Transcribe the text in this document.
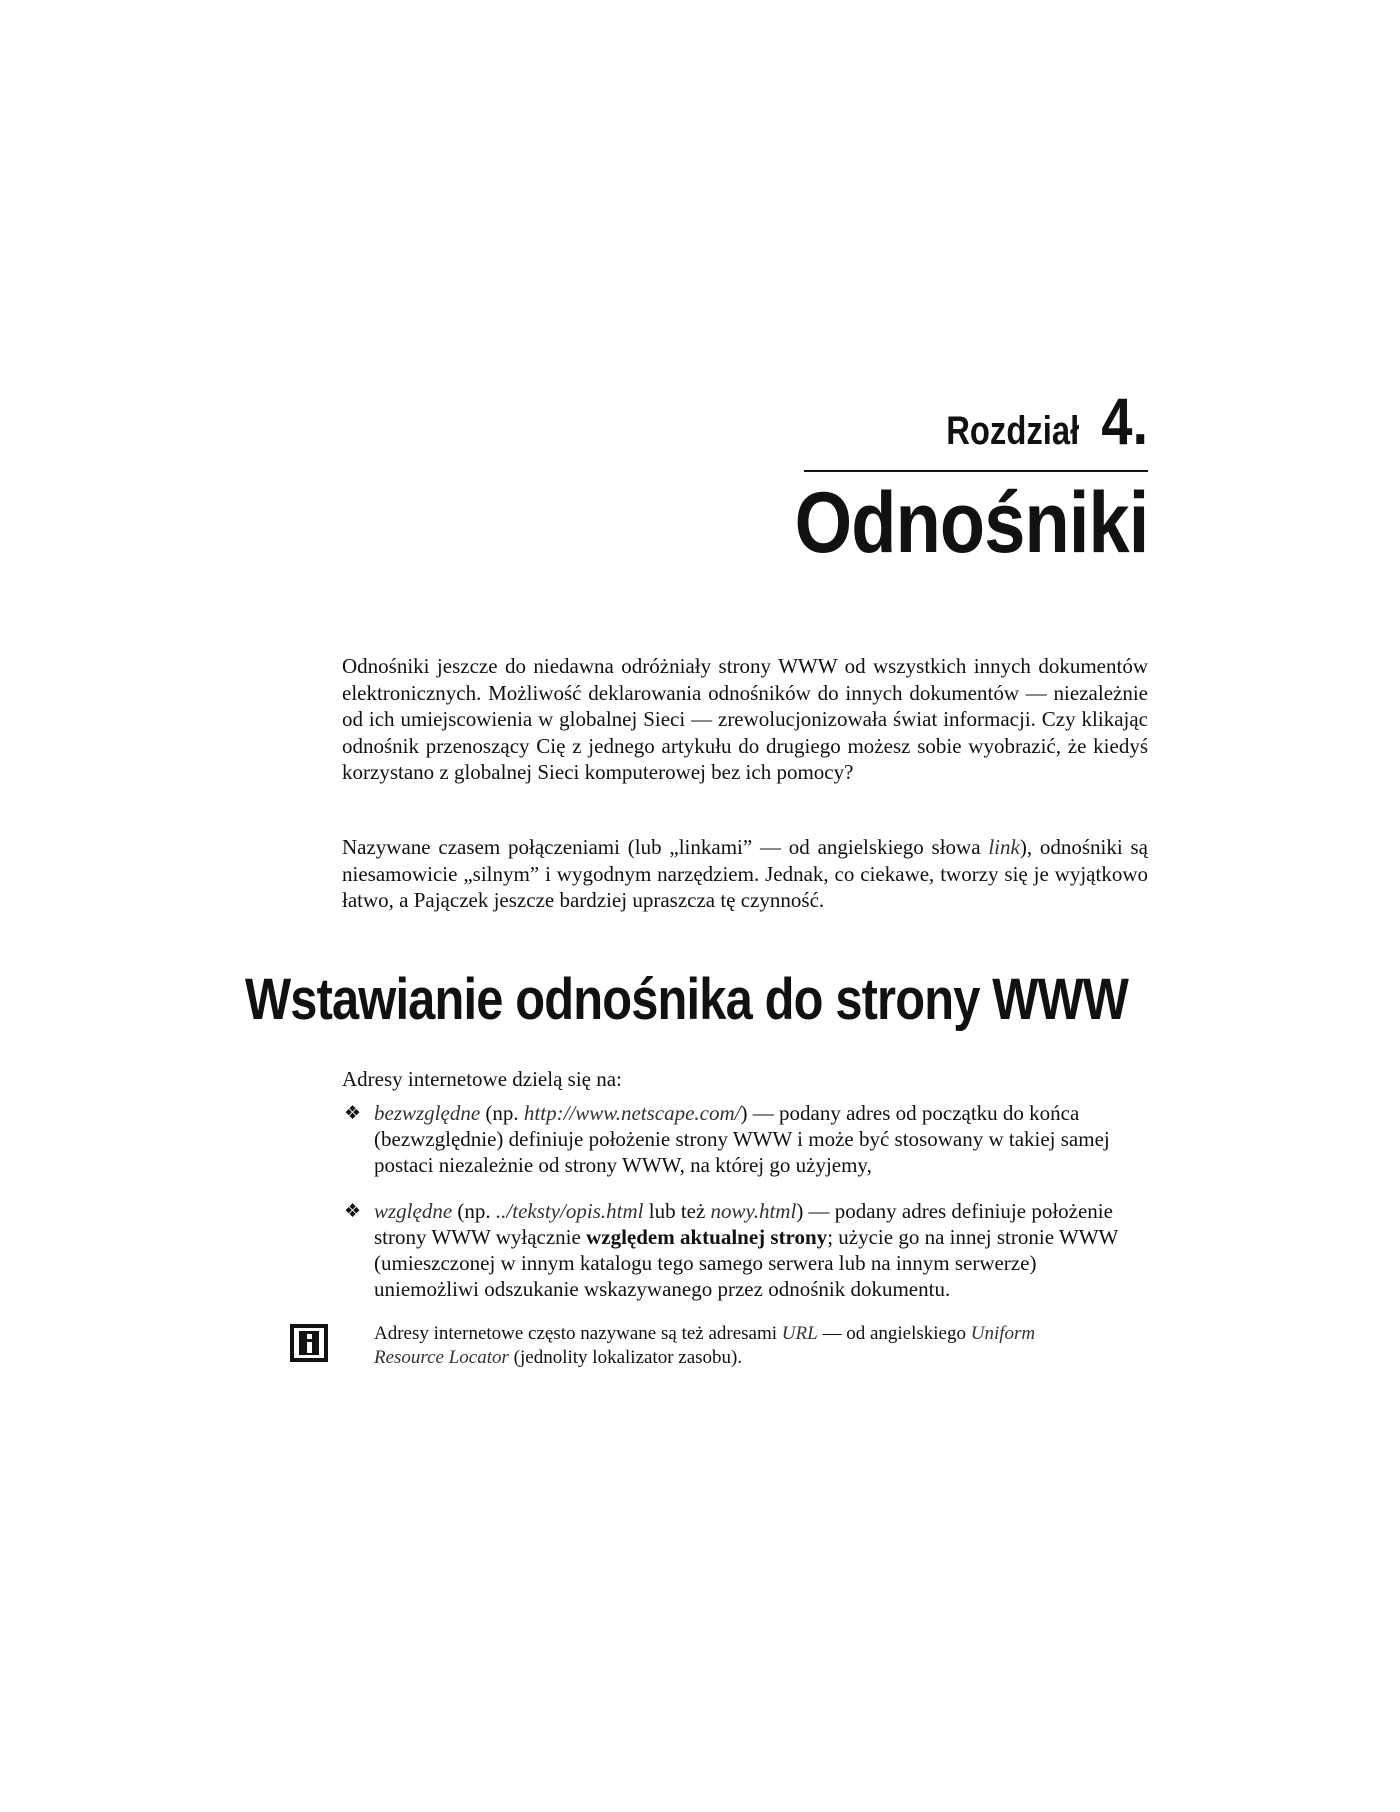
Rozdział 4.
Odnośniki

Odnośniki jeszcze do niedawna odróżniały strony WWW od wszystkich innych dokumentów elektronicznych. Możliwość deklarowania odnośników do innych dokumentów — niezależnie od ich umiejscowienia w globalnej Sieci — zrewolucjonizowała świat informacji. Czy klikając odnośnik przenoszący Cię z jednego artykułu do drugiego możesz sobie wyobrazić, że kiedyś korzystano z globalnej Sieci komputerowej bez ich pomocy?

Nazywane czasem połączeniami (lub „linkami” — od angielskiego słowa link), odnośniki są niesamowicie „silnym” i wygodnym narzędziem. Jednak, co ciekawe, tworzy się je wyjątkowo łatwo, a Pajączek jeszcze bardziej upraszcza tę czynność.

Wstawianie odnośnika do strony WWW

Adresy internetowe dzielą się na:

❖ bezwzględne (np. http://www.netscape.com/) — podany adres od początku do końca (bezwzględnie) definiuje położenie strony WWW i może być stosowany w takiej samej postaci niezależnie od strony WWW, na której go użyjemy,
❖ względne (np. ../teksty/opis.html lub też nowy.html) — podany adres definiuje położenie strony WWW wyłącznie względem aktualnej strony; użycie go na innej stronie WWW (umieszczonej w innym katalogu tego samego serwera lub na innym serwerze) uniemożliwi odszukanie wskazywanego przez odnośnik dokumentu.

Adresy internetowe często nazywane są też adresami URL — od angielskiego Uniform Resource Locator (jednolity lokalizator zasobu).
